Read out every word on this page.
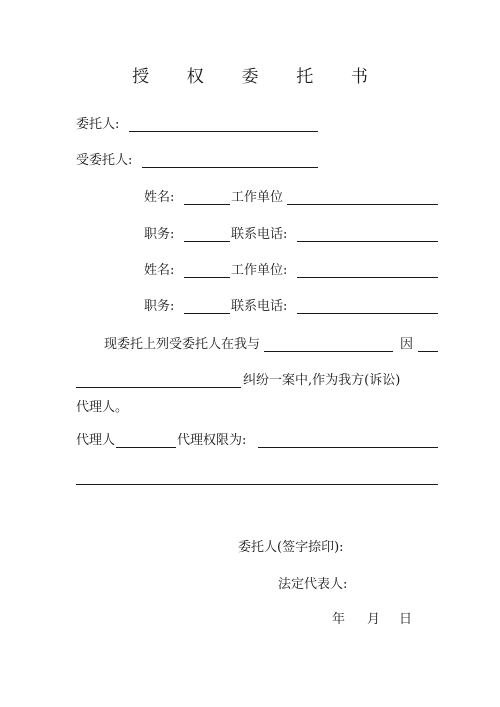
授 权 委 托 书
委托人:
受委托人:
姓名:	工作单位
职务:	联系电话:
姓名:	工作单位:
职务:	联系电话:
现委托上列受委托人在我与	因
纠纷一案中,作为我方(诉讼)
代理人。
代理人	代理权限为:
委托人(签字捺印):
法定代表人:
年 月 日
